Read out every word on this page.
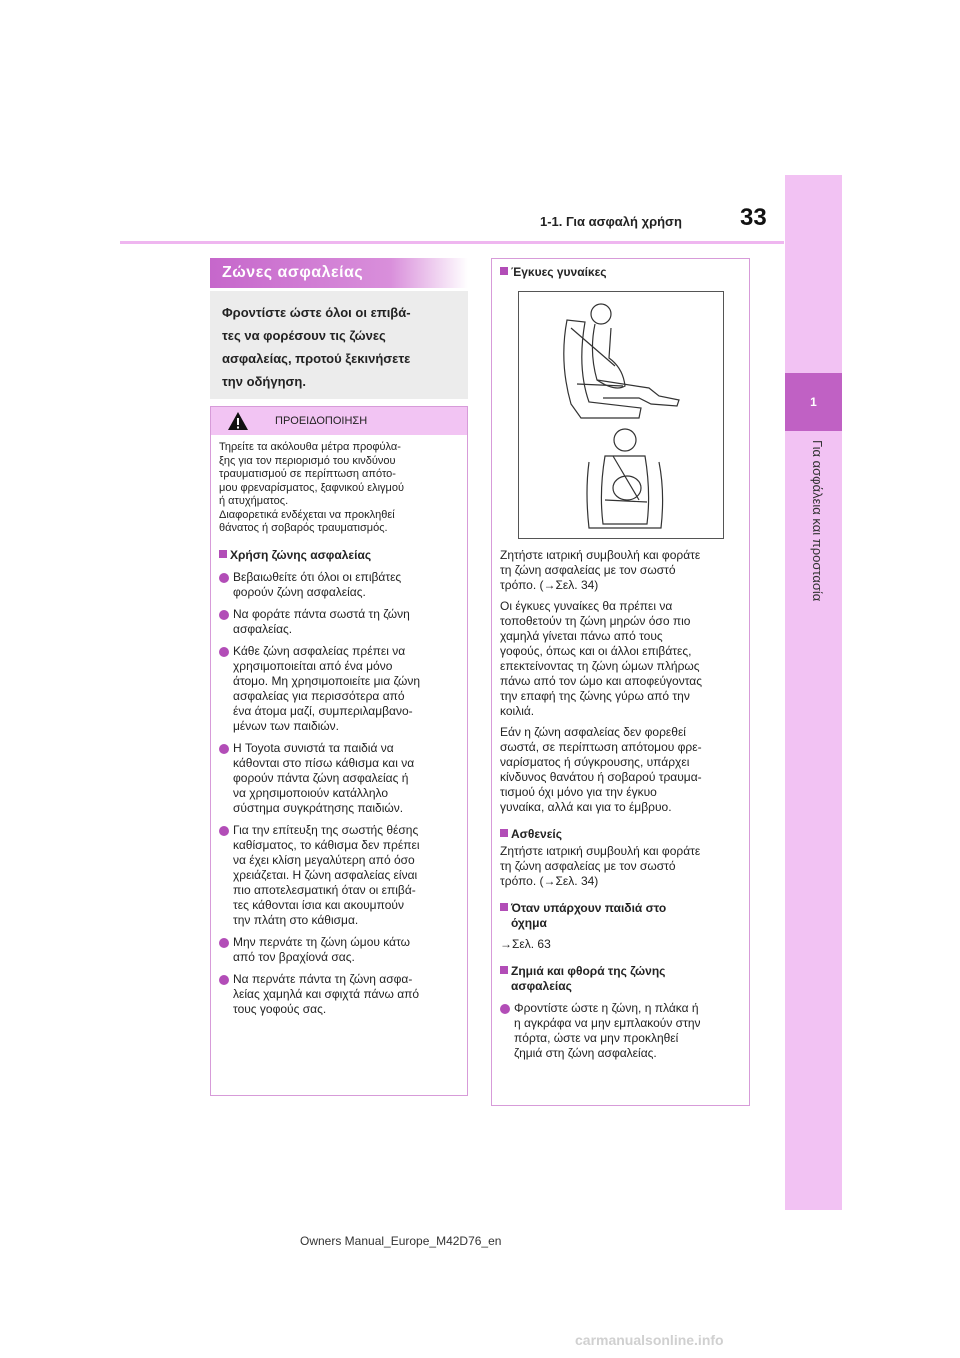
1
Για ασφάλεια και προστασία
1-1. Για ασφαλή χρήση 33
Ζώνες ασφαλείας
Φροντίστε ώστε όλοι οι επιβά-
τες να φορέσουν τις ζώνες
ασφαλείας, προτού ξεκινήσετε
την οδήγηση.
ΠΡΟΕΙΔΟΠΟΙΗΣΗ
Τηρείτε τα ακόλουθα μέτρα προφύλα-
ξης για τον περιορισμό του κινδύνου
τραυματισμού σε περίπτωση απότο-
μου φρεναρίσματος, ξαφνικού ελιγμού
ή ατυχήματος.
Διαφορετικά ενδέχεται να προκληθεί
θάνατος ή σοβαρός τραυματισμός.
Χρήση ζώνης ασφαλείας
Βεβαιωθείτε ότι όλοι οι επιβάτες
φορούν ζώνη ασφαλείας.
Να φοράτε πάντα σωστά τη ζώνη
ασφαλείας.
Κάθε ζώνη ασφαλείας πρέπει να
χρησιμοποιείται από ένα μόνο
άτομο. Μη χρησιμοποιείτε μια ζώνη
ασφαλείας για περισσότερα από
ένα άτομα μαζί, συμπεριλαμβανο-
μένων των παιδιών.
Η Toyota συνιστά τα παιδιά να
κάθονται στο πίσω κάθισμα και να
φορούν πάντα ζώνη ασφαλείας ή
να χρησιμοποιούν κατάλληλο
σύστημα συγκράτησης παιδιών.
Για την επίτευξη της σωστής θέσης
καθίσματος, το κάθισμα δεν πρέπει
να έχει κλίση μεγαλύτερη από όσο
χρειάζεται. Η ζώνη ασφαλείας είναι
πιο αποτελεσματική όταν οι επιβά-
τες κάθονται ίσια και ακουμπούν
την πλάτη στο κάθισμα.
Μην περνάτε τη ζώνη ώμου κάτω
από τον βραχίονά σας.
Να περνάτε πάντα τη ζώνη ασφα-
λείας χαμηλά και σφιχτά πάνω από
τους γοφούς σας.
Έγκυες γυναίκες
Ζητήστε ιατρική συμβουλή και φοράτε
τη ζώνη ασφαλείας με τον σωστό
τρόπο. (→Σελ. 34)
Οι έγκυες γυναίκες θα πρέπει να
τοποθετούν τη ζώνη μηρών όσο πιο
χαμηλά γίνεται πάνω από τους
γοφούς, όπως και οι άλλοι επιβάτες,
επεκτείνοντας τη ζώνη ώμων πλήρως
πάνω από τον ώμο και αποφεύγοντας
την επαφή της ζώνης γύρω από την
κοιλιά.
Εάν η ζώνη ασφαλείας δεν φορεθεί
σωστά, σε περίπτωση απότομου φρε-
ναρίσματος ή σύγκρουσης, υπάρχει
κίνδυνος θανάτου ή σοβαρού τραυμα-
τισμού όχι μόνο για την έγκυο
γυναίκα, αλλά και για το έμβρυο.
Ασθενείς
Ζητήστε ιατρική συμβουλή και φοράτε
τη ζώνη ασφαλείας με τον σωστό
τρόπο. (→Σελ. 34)
Όταν υπάρχουν παιδιά στο
όχημα
→Σελ. 63
Ζημιά και φθορά της ζώνης
ασφαλείας
Φροντίστε ώστε η ζώνη, η πλάκα ή
η αγκράφα να μην εμπλακούν στην
πόρτα, ώστε να μην προκληθεί
ζημιά στη ζώνη ασφαλείας.
Owners Manual_Europe_M42D76_en
carmanualsonline.info
